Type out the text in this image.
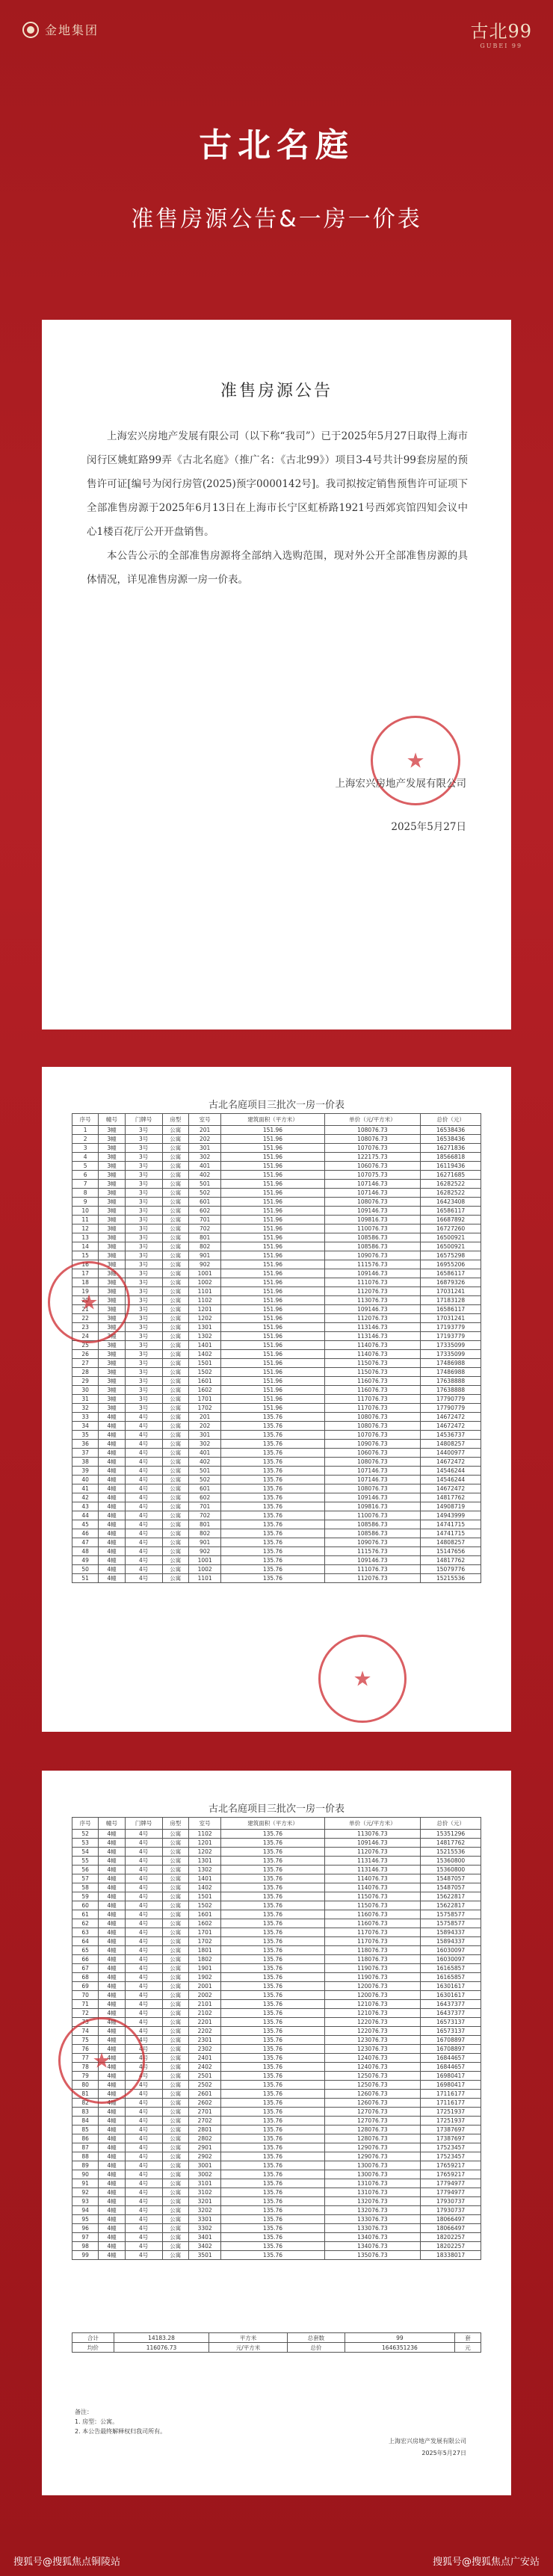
金地集团	古北99
GUBEI 99
古北名庭
准售房源公告&一房一价表
准售房源公告

上海宏兴房地产发展有限公司（以下称“我司”）已于2025年5月27日取得上海市闵行区姚虹路99弄《古北名庭》（推广名：《古北99》）项目3-4号共计99套房屋的预售许可证[编号为闵行房管(2025)预字0000142号]。我司拟按定销售预售许可证项下全部准售房源于2025年6月13日在上海市长宁区虹桥路1921号西郊宾馆四知会议中心1楼百花厅公开开盘销售。

本公告公示的全部准售房源将全部纳入选购范围，现对外公开全部准售房源的具体情况，详见准售房源一房一价表。

★
上海宏兴房地产发展有限公司
2025年5月27日
古北名庭项目三批次一房一价表
序号	幢号	门牌号	房型	室号	建筑面积（平方米）	单价（元/平方米）	总价（元）
1	3幢	3号	公寓	201	151.96	108076.73	16538436
2	3幢	3号	公寓	202	151.96	108076.73	16538436
3	3幢	3号	公寓	301	151.96	107076.73	16271836
4	3幢	3号	公寓	302	151.96	122175.73	18566818
5	3幢	3号	公寓	401	151.96	106076.73	16119436
6	3幢	3号	公寓	402	151.96	107075.73	16271685
7	3幢	3号	公寓	501	151.96	107146.73	16282522
8	3幢	3号	公寓	502	151.96	107146.73	16282522
9	3幢	3号	公寓	601	151.96	108076.73	16423408
10	3幢	3号	公寓	602	151.96	109146.73	16586117
11	3幢	3号	公寓	701	151.96	109816.73	16687892
12	3幢	3号	公寓	702	151.96	110076.73	16727260
13	3幢	3号	公寓	801	151.96	108586.73	16500921
14	3幢	3号	公寓	802	151.96	108586.73	16500921
15	3幢	3号	公寓	901	151.96	109076.73	16575298
16	3幢	3号	公寓	902	151.96	111576.73	16955206
17	3幢	3号	公寓	1001	151.96	109146.73	16586117
18	3幢	3号	公寓	1002	151.96	111076.73	16879326
19	3幢	3号	公寓	1101	151.96	112076.73	17031241
20	3幢	3号	公寓	1102	151.96	113076.73	17183128
21	3幢	3号	公寓	1201	151.96	109146.73	16586117
22	3幢	3号	公寓	1202	151.96	112076.73	17031241
23	3幢	3号	公寓	1301	151.96	113146.73	17193779
24	3幢	3号	公寓	1302	151.96	113146.73	17193779
25	3幢	3号	公寓	1401	151.96	114076.73	17335099
26	3幢	3号	公寓	1402	151.96	114076.73	17335099
27	3幢	3号	公寓	1501	151.96	115076.73	17486988
28	3幢	3号	公寓	1502	151.96	115076.73	17486988
29	3幢	3号	公寓	1601	151.96	116076.73	17638888
30	3幢	3号	公寓	1602	151.96	116076.73	17638888
31	3幢	3号	公寓	1701	151.96	117076.73	17790779
32	3幢	3号	公寓	1702	151.96	117076.73	17790779
33	4幢	4号	公寓	201	135.76	108076.73	14672472
34	4幢	4号	公寓	202	135.76	108076.73	14672472
35	4幢	4号	公寓	301	135.76	107076.73	14536737
36	4幢	4号	公寓	302	135.76	109076.73	14808257
37	4幢	4号	公寓	401	135.76	106076.73	14400977
38	4幢	4号	公寓	402	135.76	108076.73	14672472
39	4幢	4号	公寓	501	135.76	107146.73	14546244
40	4幢	4号	公寓	502	135.76	107146.73	14546244
41	4幢	4号	公寓	601	135.76	108076.73	14672472
42	4幢	4号	公寓	602	135.76	109146.73	14817762
43	4幢	4号	公寓	701	135.76	109816.73	14908719
44	4幢	4号	公寓	702	135.76	110076.73	14943999
45	4幢	4号	公寓	801	135.76	108586.73	14741715
46	4幢	4号	公寓	802	135.76	108586.73	14741715
47	4幢	4号	公寓	901	135.76	109076.73	14808257
48	4幢	4号	公寓	902	135.76	111576.73	15147656
49	4幢	4号	公寓	1001	135.76	109146.73	14817762
50	4幢	4号	公寓	1002	135.76	111076.73	15079776
51	4幢	4号	公寓	1101	135.76	112076.73	15215536
★
★
古北名庭项目三批次一房一价表
序号	幢号	门牌号	房型	室号	建筑面积（平方米）	单价（元/平方米）	总价（元）
52	4幢	4号	公寓	1102	135.76	113076.73	15351296
53	4幢	4号	公寓	1201	135.76	109146.73	14817762
54	4幢	4号	公寓	1202	135.76	112076.73	15215536
55	4幢	4号	公寓	1301	135.76	113146.73	15360800
56	4幢	4号	公寓	1302	135.76	113146.73	15360800
57	4幢	4号	公寓	1401	135.76	114076.73	15487057
58	4幢	4号	公寓	1402	135.76	114076.73	15487057
59	4幢	4号	公寓	1501	135.76	115076.73	15622817
60	4幢	4号	公寓	1502	135.76	115076.73	15622817
61	4幢	4号	公寓	1601	135.76	116076.73	15758577
62	4幢	4号	公寓	1602	135.76	116076.73	15758577
63	4幢	4号	公寓	1701	135.76	117076.73	15894337
64	4幢	4号	公寓	1702	135.76	117076.73	15894337
65	4幢	4号	公寓	1801	135.76	118076.73	16030097
66	4幢	4号	公寓	1802	135.76	118076.73	16030097
67	4幢	4号	公寓	1901	135.76	119076.73	16165857
68	4幢	4号	公寓	1902	135.76	119076.73	16165857
69	4幢	4号	公寓	2001	135.76	120076.73	16301617
70	4幢	4号	公寓	2002	135.76	120076.73	16301617
71	4幢	4号	公寓	2101	135.76	121076.73	16437377
72	4幢	4号	公寓	2102	135.76	121076.73	16437377
73	4幢	4号	公寓	2201	135.76	122076.73	16573137
74	4幢	4号	公寓	2202	135.76	122076.73	16573137
75	4幢	4号	公寓	2301	135.76	123076.73	16708897
76	4幢	4号	公寓	2302	135.76	123076.73	16708897
77	4幢	4号	公寓	2401	135.76	124076.73	16844657
78	4幢	4号	公寓	2402	135.76	124076.73	16844657
79	4幢	4号	公寓	2501	135.76	125076.73	16980417
80	4幢	4号	公寓	2502	135.76	125076.73	16980417
81	4幢	4号	公寓	2601	135.76	126076.73	17116177
82	4幢	4号	公寓	2602	135.76	126076.73	17116177
83	4幢	4号	公寓	2701	135.76	127076.73	17251937
84	4幢	4号	公寓	2702	135.76	127076.73	17251937
85	4幢	4号	公寓	2801	135.76	128076.73	17387697
86	4幢	4号	公寓	2802	135.76	128076.73	17387697
87	4幢	4号	公寓	2901	135.76	129076.73	17523457
88	4幢	4号	公寓	2902	135.76	129076.73	17523457
89	4幢	4号	公寓	3001	135.76	130076.73	17659217
90	4幢	4号	公寓	3002	135.76	130076.73	17659217
91	4幢	4号	公寓	3101	135.76	131076.73	17794977
92	4幢	4号	公寓	3102	135.76	131076.73	17794977
93	4幢	4号	公寓	3201	135.76	132076.73	17930737
94	4幢	4号	公寓	3202	135.76	132076.73	17930737
95	4幢	4号	公寓	3301	135.76	133076.73	18066497
96	4幢	4号	公寓	3302	135.76	133076.73	18066497
97	4幢	4号	公寓	3401	135.76	134076.73	18202257
98	4幢	4号	公寓	3402	135.76	134076.73	18202257
99	4幢	4号	公寓	3501	135.76	135076.73	18338017
合计	14183.28	平方米	总套数	99	套
均价	116076.73	元/平方米	总价	1646351236	元
★
备注：
1. 房型：公寓。
2. 本公告最终解释权归我司所有。
上海宏兴房地产发展有限公司
2025年5月27日
搜狐号@搜狐焦点铜陵站	搜狐号@搜狐焦点广安站
